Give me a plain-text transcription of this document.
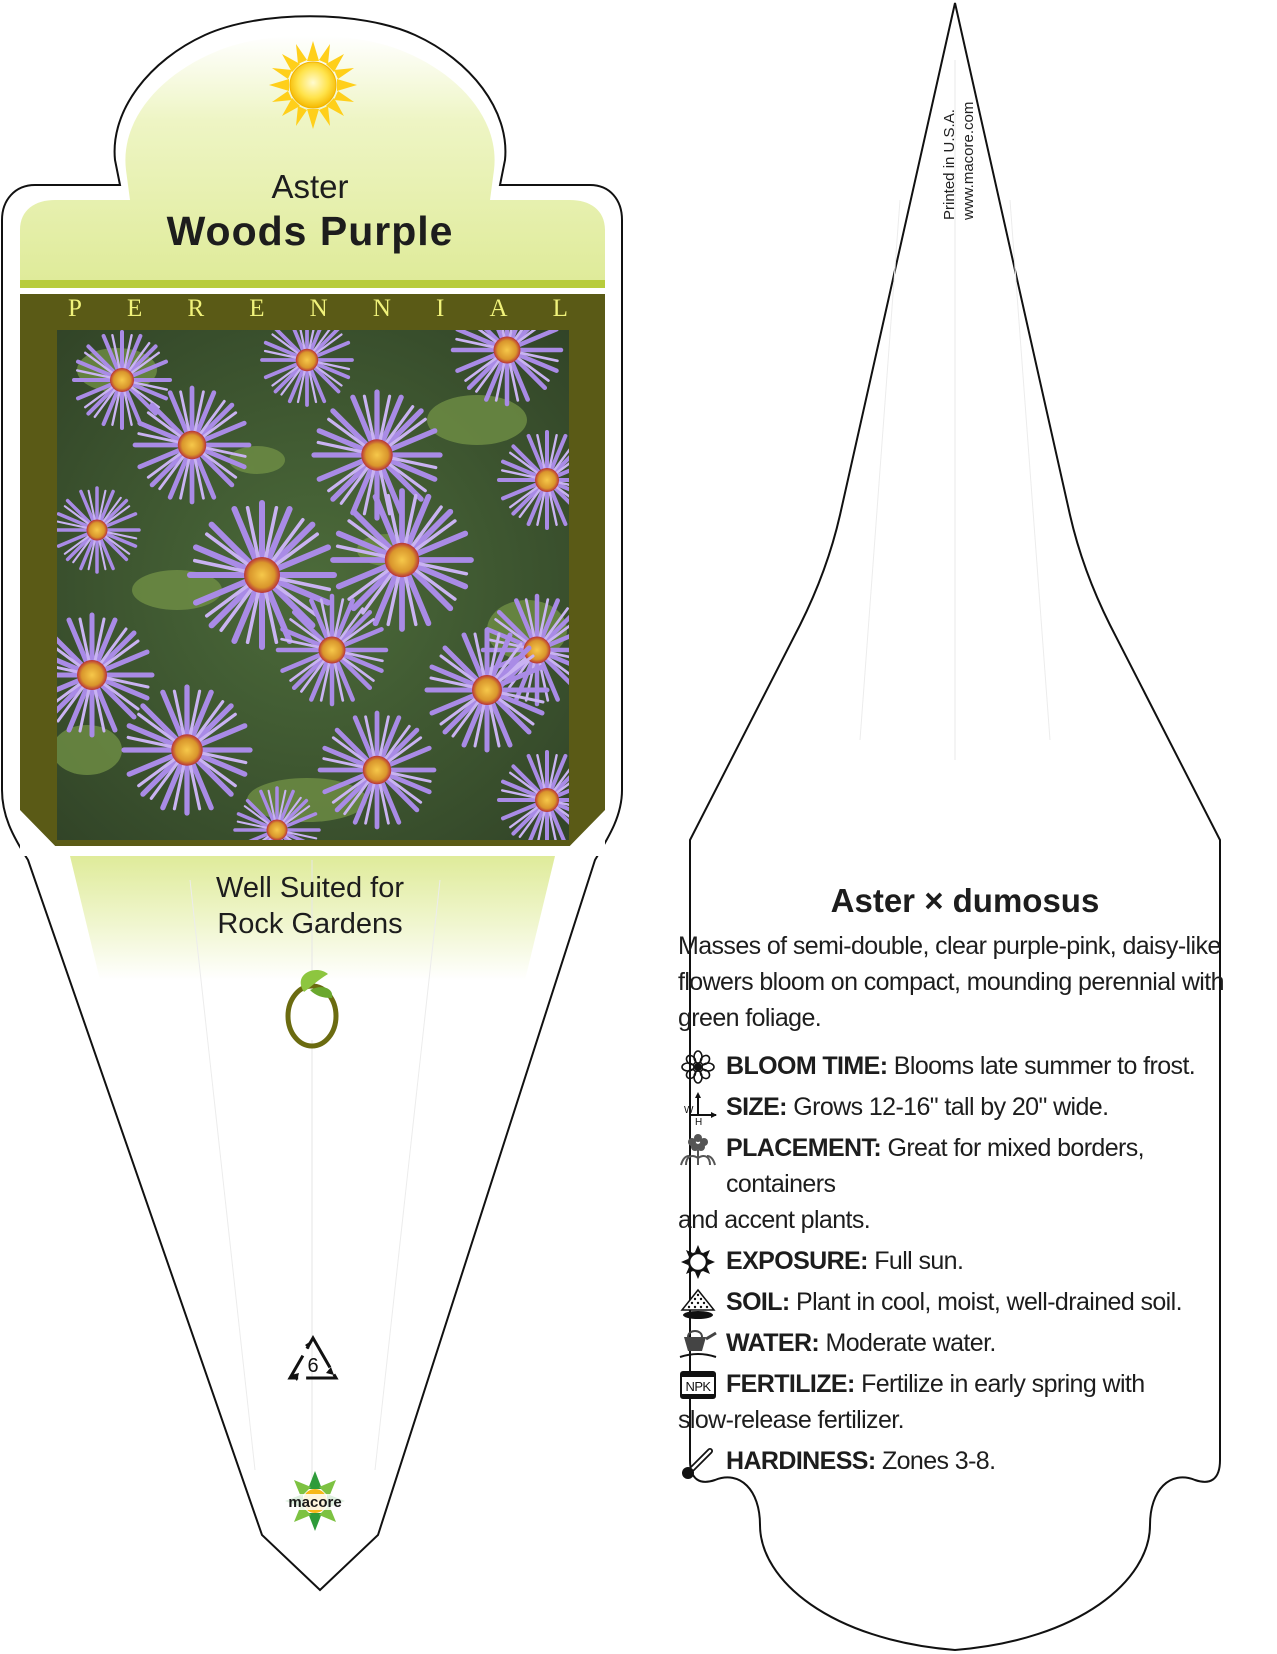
Aster
Woods Purple
P E R E N N I A L
Well Suited for
Rock Gardens
6
macore
Printed in U.S.A. www.macore.com
Aster × dumosus
Masses of semi-double, clear purple-pink, daisy-like flowers bloom on compact, mounding perennial with green foliage.
BLOOM TIME: Blooms late summer to frost.
W
H
SIZE: Grows 12-16" tall by 20" wide.
PLACEMENT: Great for mixed borders, containers
and accent plants.
EXPOSURE: Full sun.
SOIL: Plant in cool, moist, well-drained soil.
WATER: Moderate water.
NPK FERTILIZE: Fertilize in early spring with
slow-release fertilizer.
HARDINESS: Zones 3-8.
